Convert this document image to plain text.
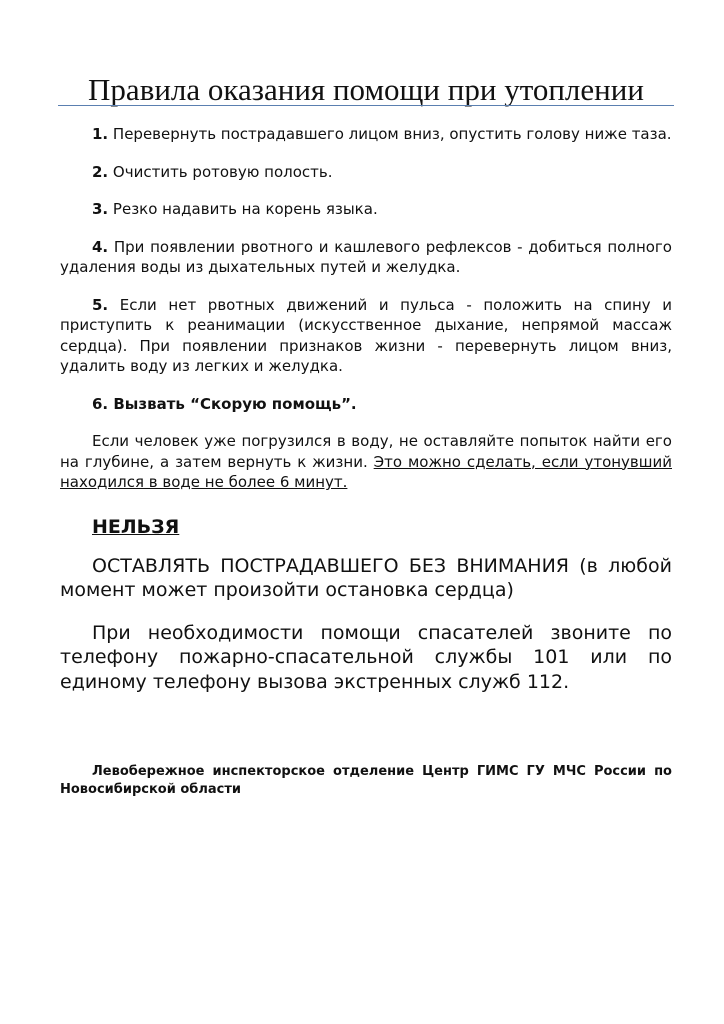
Правила оказания помощи при утоплении

1. Перевернуть пострадавшего лицом вниз, опустить голову ниже таза.

2. Очистить ротовую полость.

3. Резко надавить на корень языка.

4. При появлении рвотного и кашлевого рефлексов - добиться полного удаления воды из дыхательных путей и желудка.

5. Если нет рвотных движений и пульса - положить на спину и приступить к реанимации (искусственное дыхание, непрямой массаж сердца). При появлении признаков жизни - перевернуть лицом вниз, удалить воду из легких и желудка.

6. Вызвать “Скорую помощь”.

Если человек уже погрузился в воду, не оставляйте попыток найти его на глубине, а затем вернуть к жизни. Это можно сделать, если утонувший находился в воде не более 6 минут.

НЕЛЬЗЯ

ОСТАВЛЯТЬ ПОСТРАДАВШЕГО БЕЗ ВНИМАНИЯ (в любой момент может произойти остановка сердца)

При необходимости помощи спасателей звоните по телефону пожарно-спасательной службы 101 или по единому телефону вызова экстренных служб 112.

Левобережное инспекторское отделение Центр ГИМС ГУ МЧС России по Новосибирской области
